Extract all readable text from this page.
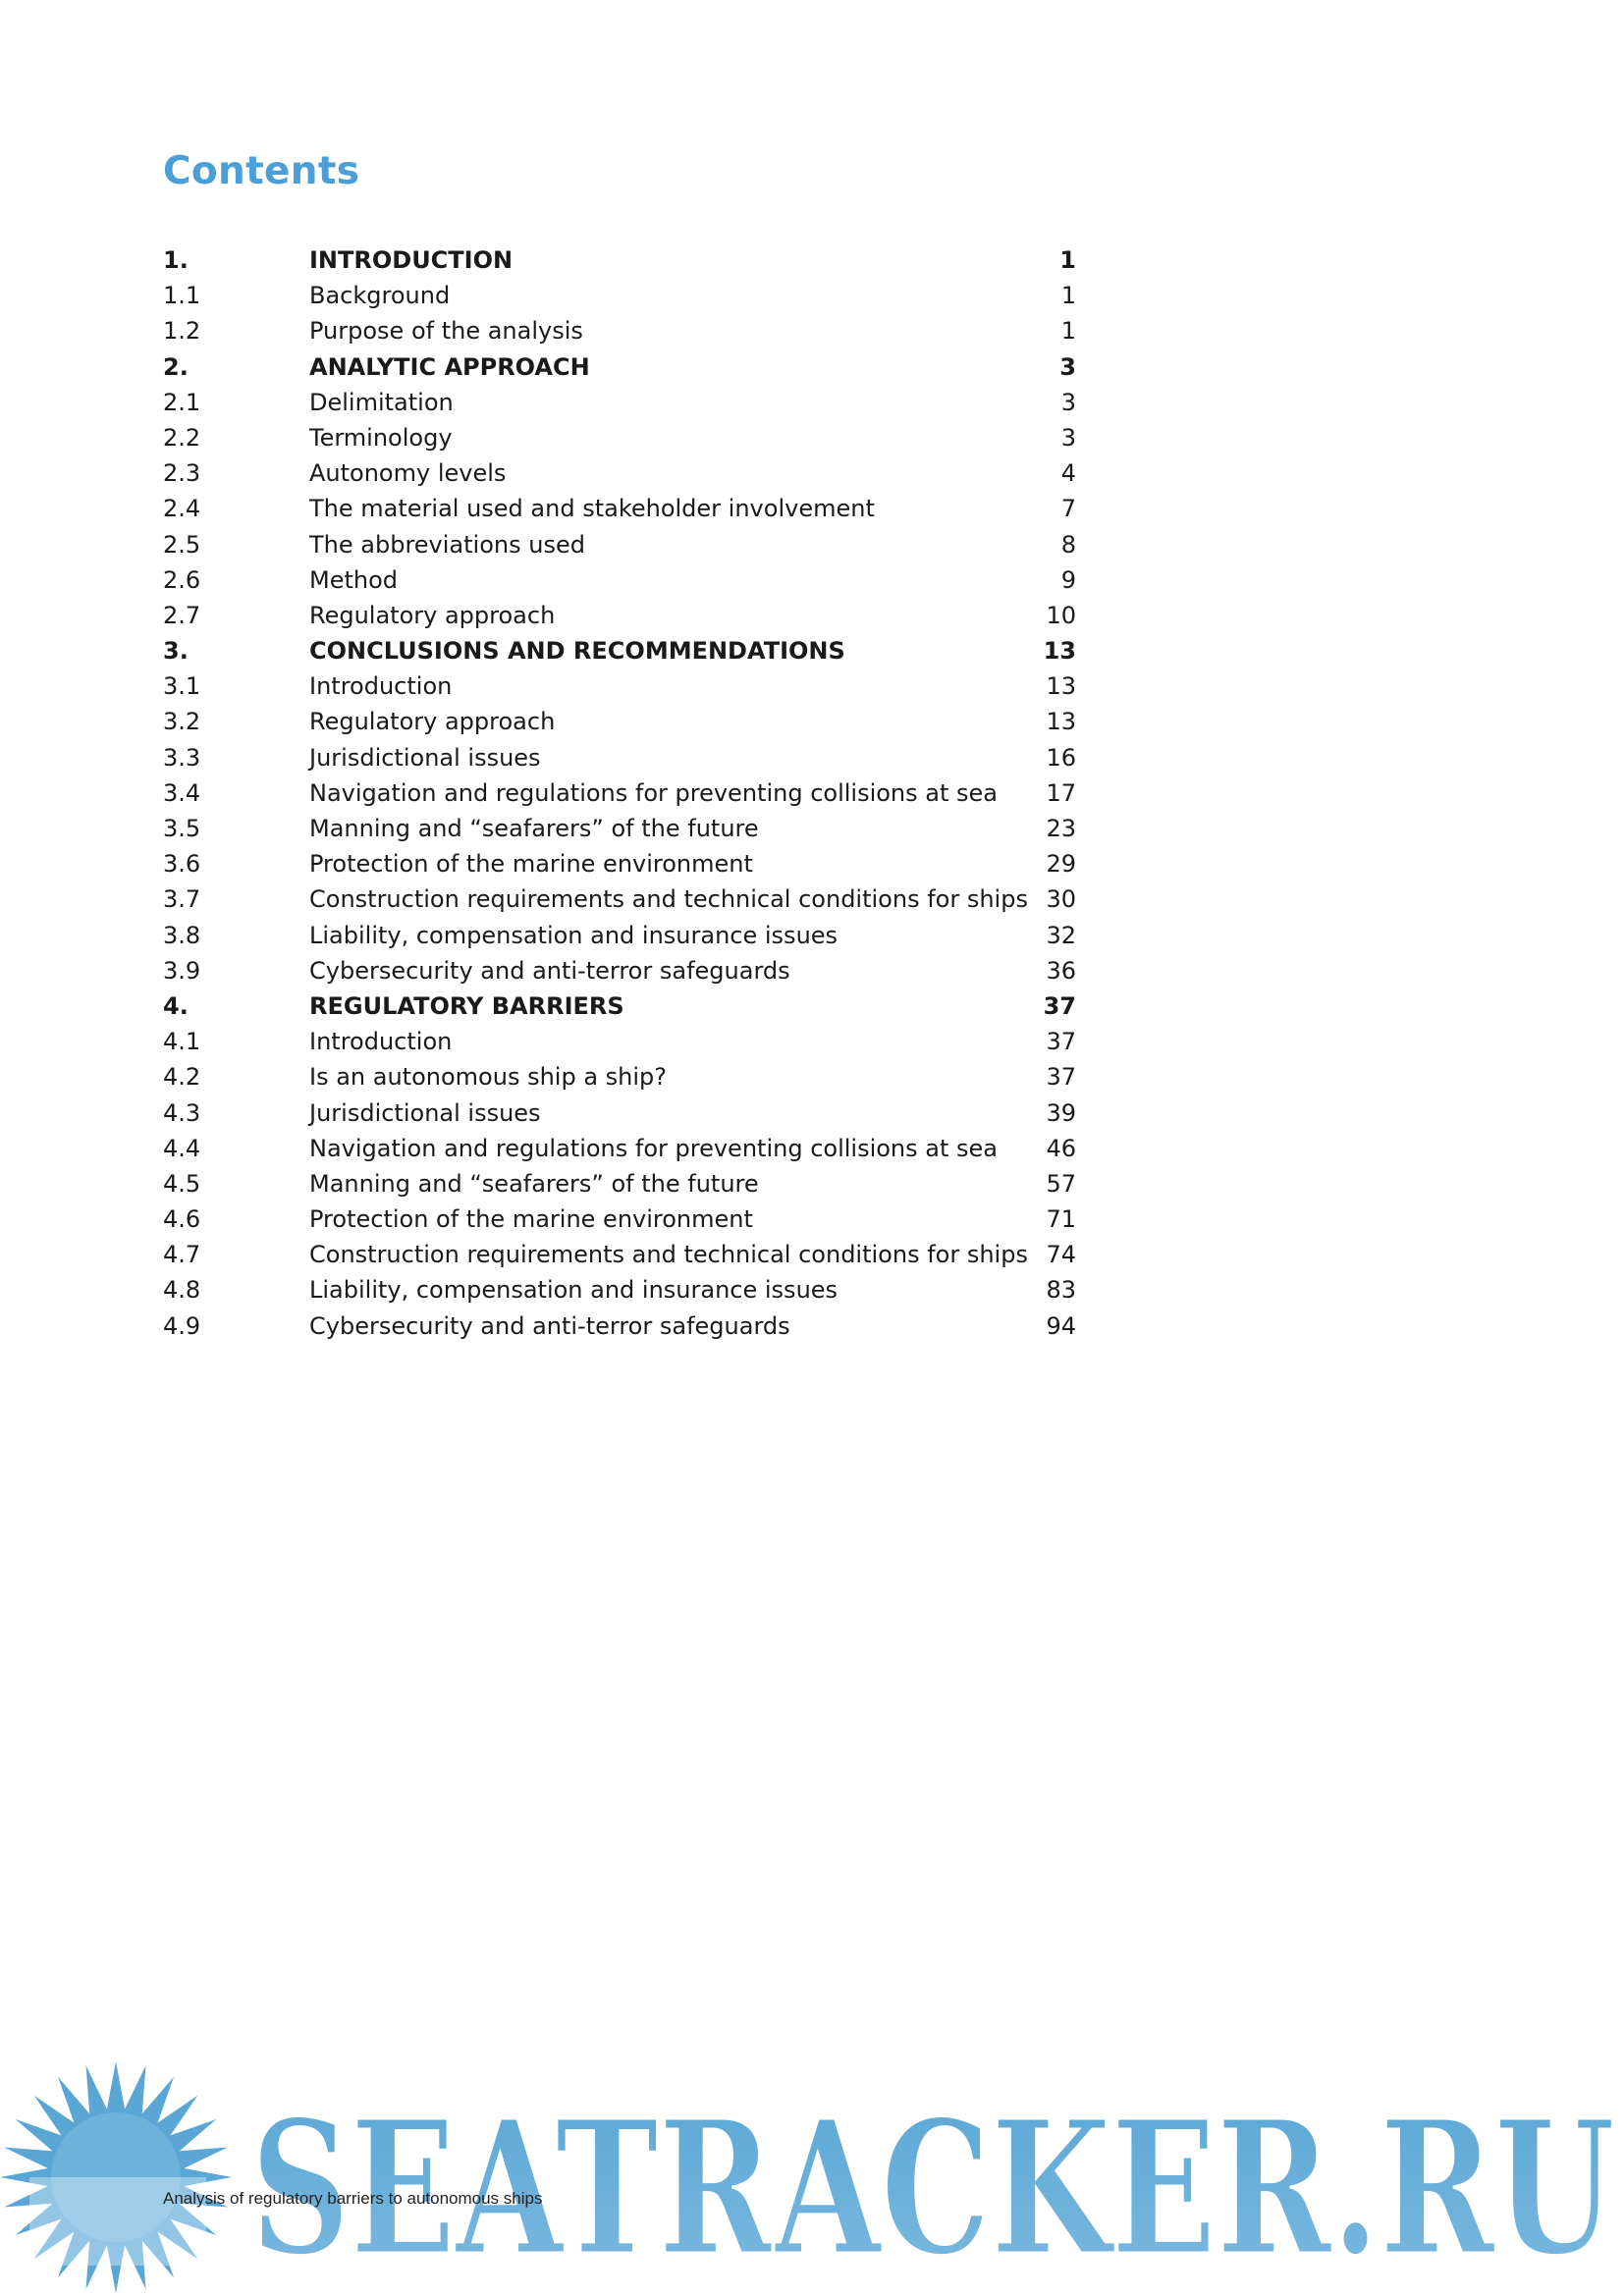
Contents
1.	INTRODUCTION	1
1.1	Background	1
1.2	Purpose of the analysis	1
2.	ANALYTIC APPROACH	3
2.1	Delimitation	3
2.2	Terminology	3
2.3	Autonomy levels	4
2.4	The material used and stakeholder involvement	7
2.5	The abbreviations used	8
2.6	Method	9
2.7	Regulatory approach	10
3.	CONCLUSIONS AND RECOMMENDATIONS	13
3.1	Introduction	13
3.2	Regulatory approach	13
3.3	Jurisdictional issues	16
3.4	Navigation and regulations for preventing collisions at sea 17
3.5	Manning and “seafarers” of the future	23
3.6	Protection of the marine environment	29
3.7	Construction requirements and technical conditions for ships 30
3.8	Liability, compensation and insurance issues	32
3.9	Cybersecurity and anti-terror safeguards	36
4.	REGULATORY BARRIERS	37
4.1	Introduction	37
4.2	Is an autonomous ship a ship?	37
4.3	Jurisdictional issues	39
4.4	Navigation and regulations for preventing collisions at sea 46
4.5	Manning and “seafarers” of the future	57
4.6	Protection of the marine environment	71
4.7	Construction requirements and technical conditions for ships 74
4.8	Liability, compensation and insurance issues	83
4.9	Cybersecurity and anti-terror safeguards	94
SEATRACKER.RU
Analysis of regulatory barriers to autonomous ships
